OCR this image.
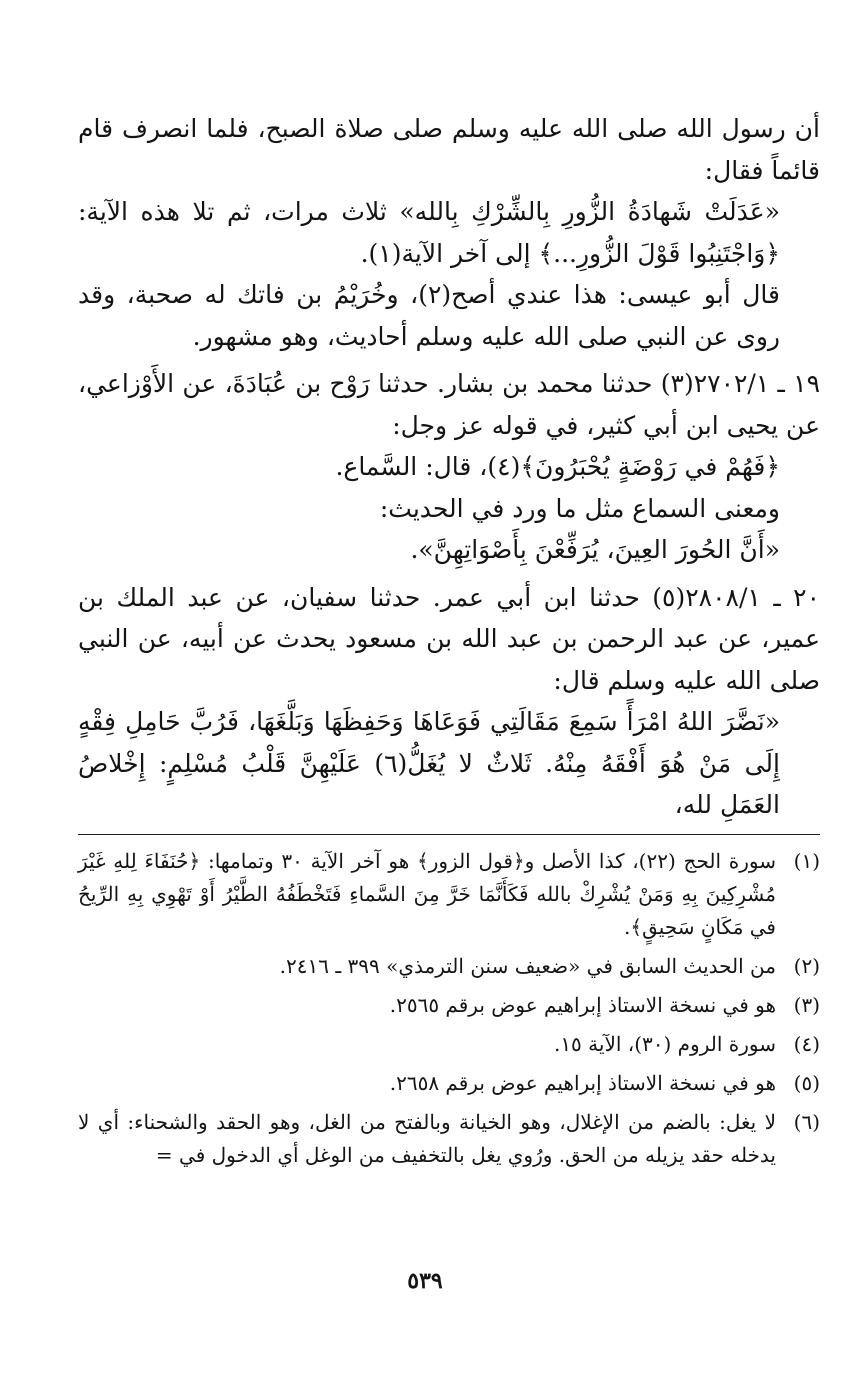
أن رسول الله صلى الله عليه وسلم صلى صلاة الصبح، فلما انصرف قام قائماً فقال:

«عَدَلَتْ شَهادَةُ الزُّورِ بِالشِّرْكِ بِالله» ثلاث مرات، ثم تلا هذه الآية: ﴿وَاجْتَنِبُوا قَوْلَ الزُّورِ...﴾ إلى آخر الآية(١).

قال أبو عيسى: هذا عندي أصح(٢)، وخُرَيْمُ بن فاتك له صحبة، وقد روى عن النبي صلى الله عليه وسلم أحاديث، وهو مشهور.

١٩ ـ ٢٧٠٢/١(٣) حدثنا محمد بن بشار. حدثنا رَوْح بن عُبَادَةَ، عن الأَوْزاعي، عن يحيى ابن أبي كثير، في قوله عز وجل:

﴿فَهُمْ في رَوْضَةٍ يُحْبَرُونَ﴾(٤)، قال: السَّماع.

ومعنى السماع مثل ما ورد في الحديث:

«أَنَّ الحُورَ العِينَ، يُرَفِّعْنَ بِأَصْوَاتِهِنَّ».

٢٠ ـ ٢٨٠٨/١(٥) حدثنا ابن أبي عمر. حدثنا سفيان، عن عبد الملك بن عمير، عن عبد الرحمن بن عبد الله بن مسعود يحدث عن أبيه، عن النبي صلى الله عليه وسلم قال:

«نَضَّرَ اللهُ امْرَأً سَمِعَ مَقَالَتِي فَوَعَاهَا وَحَفِظَهَا وَبَلَّغَهَا، فَرُبَّ حَامِلِ فِقْهٍ إِلَى مَنْ هُوَ أَفْقَهُ مِنْهُ. ثَلاثٌ لا يُغَلُّ(٦) عَلَيْهِنَّ قَلْبُ مُسْلِمٍ: إِخْلاصُ العَمَلِ لله،

(١)
سورة الحج (٢٢)، كذا الأصل و﴿قول الزور﴾ هو آخر الآية ٣٠ وتمامها: ﴿حُنَفَاءَ لِلهِ غَيْرَ مُشْرِكِينَ بِهِ وَمَنْ يُشْرِكْ بالله فَكَأَنَّمَا خَرَّ مِنَ السَّماءِ فَتَخْطَفُهُ الطَّيْرُ أَوْ تَهْوِي بِهِ الرِّيحُ في مَكَانٍ سَحِيقٍ﴾.

(٢)
من الحديث السابق في «ضعيف سنن الترمذي» ٣٩٩ ـ ٢٤١٦.

(٣)
هو في نسخة الاستاذ إبراهيم عوض برقم ٢٥٦٥.

(٤)
سورة الروم (٣٠)، الآية ١٥.

(٥)
هو في نسخة الاستاذ إبراهيم عوض برقم ٢٦٥٨.

(٦)
لا يغل: بالضم من الإغلال، وهو الخيانة وبالفتح من الغل، وهو الحقد والشحناء: أي لا يدخله حقد يزيله من الحق. ورُوي يغل بالتخفيف من الوغل أي الدخول في =

٥٣٩
